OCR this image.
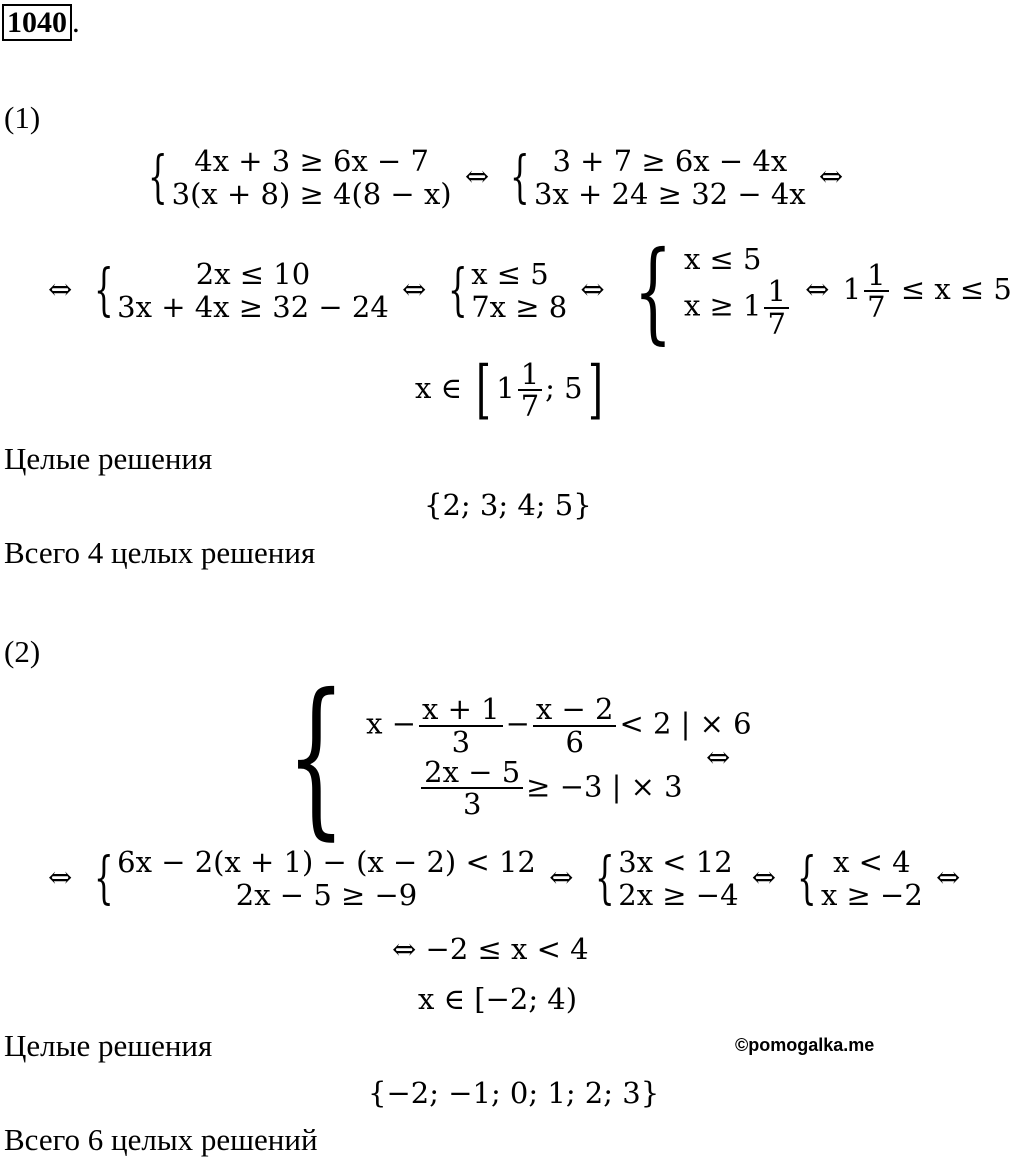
1040 .
(1)
{ 4x + 3 ≥ 6x − 7
3(x + 8) ≥ 4(8 − x)
⇔ { 3 + 7 ≥ 6x − 4x
3x + 24 ≥ 32 − 4x
⇔
⇔ {	2x ≤ 10
3x + 4x ≥ 32 − 24
⇔ { x ≤ 5
7x ≥ 8
⇔ { x ≤ 5
$x \ge 1 \frac{1}{7}$ ⇔ $1 \frac{1}{7} \le x \le 5$
x ∈ [ $1 \frac{1}{7}$ ; 5]
Целые решения
{2; 3; 4; 5}
Всего 4 целых решения
(2)
{ $x - \frac{x + 1}{3} - \frac{x - 2}{6} < 2$ | × 6
$\frac{2x - 5}{3} \ge -3$ | × 3
⇔
⇔ { 6x − 2(x + 1) − (x − 2) < 12
2x − 5 ≥ −9
⇔ { 3x < 12
2x ≥ −4
⇔ { x < 4
x ≥ −2
⇔
⇔ −2 ≤ x < 4
x ∈ [−2; 4)
Целые решения	©pomogalka.me
{−2; −1; 0; 1; 2; 3}
Всего 6 целых решений
